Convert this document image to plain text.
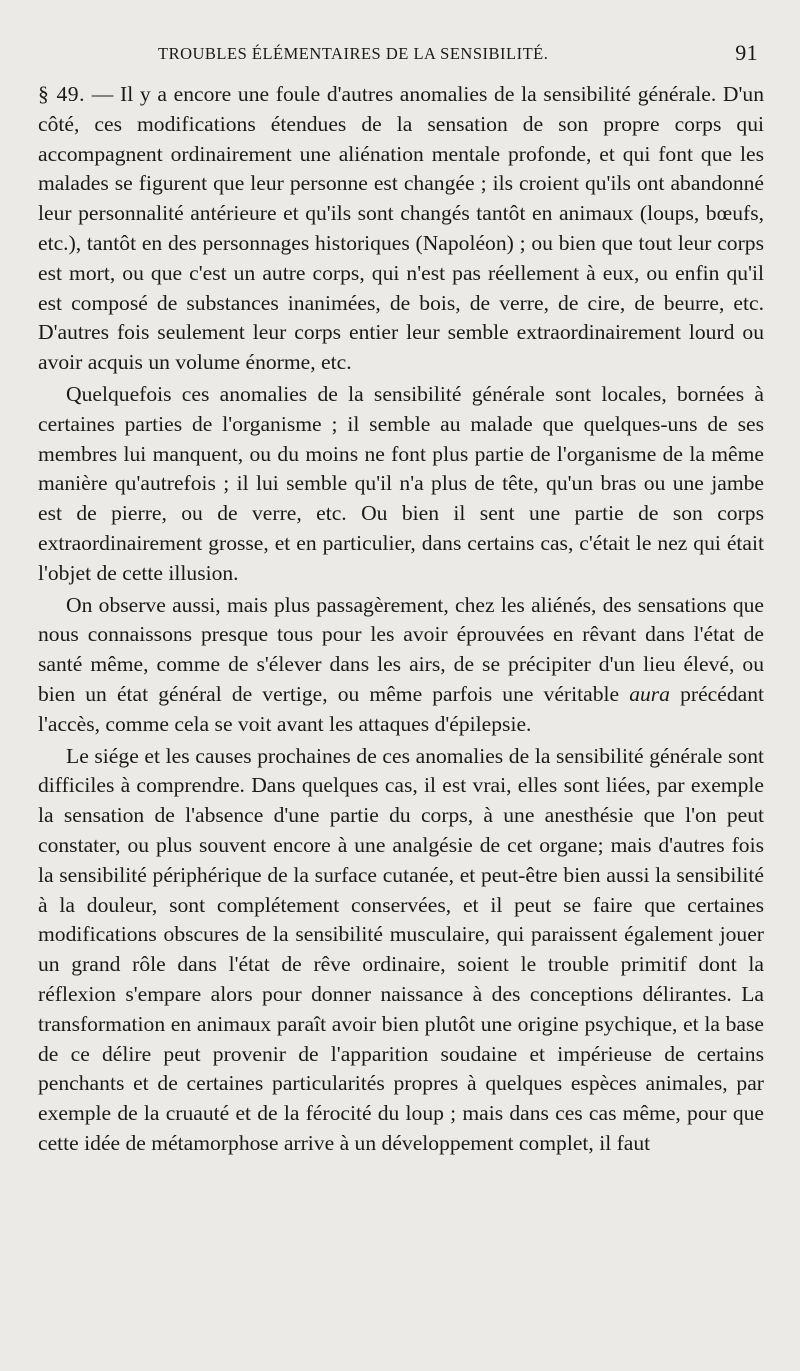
TROUBLES ÉLÉMENTAIRES DE LA SENSIBILITÉ.	91

§ 49. — Il y a encore une foule d'autres anomalies de la sensibilité générale. D'un côté, ces modifications étendues de la sensation de son propre corps qui accompagnent ordinairement une aliénation mentale profonde, et qui font que les malades se figurent que leur personne est changée ; ils croient qu'ils ont abandonné leur personnalité antérieure et qu'ils sont changés tantôt en animaux (loups, bœufs, etc.), tantôt en des personnages historiques (Napoléon) ; ou bien que tout leur corps est mort, ou que c'est un autre corps, qui n'est pas réellement à eux, ou enfin qu'il est composé de substances inanimées, de bois, de verre, de cire, de beurre, etc. D'autres fois seulement leur corps entier leur semble extraordinairement lourd ou avoir acquis un volume énorme, etc.

Quelquefois ces anomalies de la sensibilité générale sont locales, bornées à certaines parties de l'organisme ; il semble au malade que quelques-uns de ses membres lui manquent, ou du moins ne font plus partie de l'organisme de la même manière qu'autrefois ; il lui semble qu'il n'a plus de tête, qu'un bras ou une jambe est de pierre, ou de verre, etc. Ou bien il sent une partie de son corps extraordinairement grosse, et en particulier, dans certains cas, c'était le nez qui était l'objet de cette illusion.

On observe aussi, mais plus passagèrement, chez les aliénés, des sensations que nous connaissons presque tous pour les avoir éprouvées en rêvant dans l'état de santé même, comme de s'élever dans les airs, de se précipiter d'un lieu élevé, ou bien un état général de vertige, ou même parfois une véritable aura précédant l'accès, comme cela se voit avant les attaques d'épilepsie.

Le siége et les causes prochaines de ces anomalies de la sensibilité générale sont difficiles à comprendre. Dans quelques cas, il est vrai, elles sont liées, par exemple la sensation de l'absence d'une partie du corps, à une anesthésie que l'on peut constater, ou plus souvent encore à une analgésie de cet organe; mais d'autres fois la sensibilité périphérique de la surface cutanée, et peut-être bien aussi la sensibilité à la douleur, sont complétement conservées, et il peut se faire que certaines modifications obscures de la sensibilité musculaire, qui paraissent également jouer un grand rôle dans l'état de rêve ordinaire, soient le trouble primitif dont la réflexion s'empare alors pour donner naissance à des conceptions délirantes. La transformation en animaux paraît avoir bien plutôt une origine psychique, et la base de ce délire peut provenir de l'apparition soudaine et impérieuse de certains penchants et de certaines particularités propres à quelques espèces animales, par exemple de la cruauté et de la férocité du loup ; mais dans ces cas même, pour que cette idée de métamorphose arrive à un développement complet, il faut
